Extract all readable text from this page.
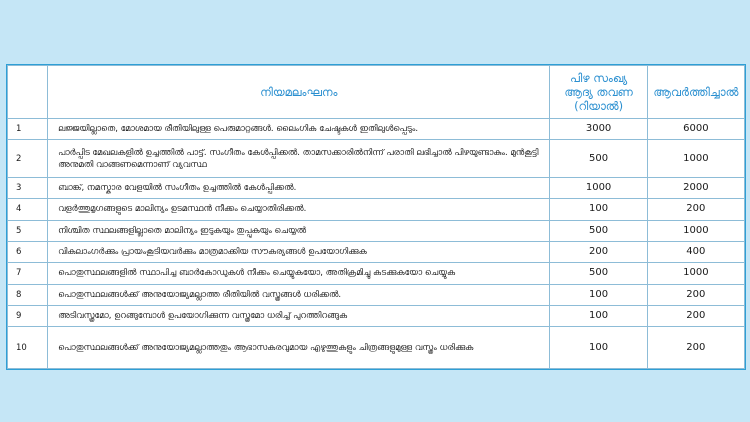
	നിയമലംഘനം	പിഴ സംഖ്യ ആദ്യ തവണ (റിയാൽ)	ആവർത്തിച്ചാൽ
1	ലജ്ജയില്ലാതെ, മോശമായ രീതിയിലുള്ള പെരുമാറ്റങ്ങൾ. ലൈംഗിക ചേഷ്ടകൾ ഇതിലുൾപ്പെടും.	3000	6000
2	പാർപ്പിട മേഖലകളിൽ ഉച്ചത്തിൽ പാട്ട്. സംഗീതം കേൾപ്പിക്കൽ. താമസക്കാരിൽനിന്ന് പരാതി ലഭിച്ചാൽ പിഴയുണ്ടാകും. മുൻകൂട്ടി അനുമതി വാങ്ങണമെന്നാണ് വ്യവസ്ഥ	500	1000
3	ബാങ്ക്, നമസ്കാര വേളയിൽ സംഗീതം ഉച്ചത്തിൽ കേൾപ്പിക്കൽ.	1000	2000
4	വളർത്തുമൃഗങ്ങളുടെ മാലിന്യം ഉടമസ്ഥൻ നീക്കം ചെയ്യാതിരിക്കൽ.	100	200
5	നിശ്ചിത സ്ഥലങ്ങളില്ലാതെ മാലിന്യം ഇടുകയും തുപ്പുകയും ചെയ്യൽ	500	1000
6	വികലാംഗർക്കും പ്രായംകൂടിയവർക്കും മാത്രമാക്കിയ സൗകര്യങ്ങൾ ഉപയോഗിക്കുക	200	400
7	പൊതുസ്ഥലങ്ങളിൽ സ്ഥാപിച്ച ബാർകോഡുകൾ നീക്കം ചെയ്യുകയോ, അതിക്രമിച്ചു കടക്കുകയോ ചെയ്യുക	500	1000
8	പൊതുസ്ഥലങ്ങൾക്ക് അനുയോജ്യമല്ലാത്ത രീതിയിൽ വസ്ത്രങ്ങൾ ധരിക്കൽ.	100	200
9	അടിവസ്ത്രമോ, ഉറങ്ങുമ്പോൾ ഉപയോഗിക്കുന്ന വസ്ത്രമോ ധരിച്ച് പുറത്തിറങ്ങുക	100	200
10	പൊതുസ്ഥലങ്ങൾക്ക് അനുയോജ്യമല്ലാത്തതും ആഭാസകരവുമായ എഴുത്തുകളും ചിത്രങ്ങളുമുള്ള വസ്ത്രം ധരിക്കുക	100	200
